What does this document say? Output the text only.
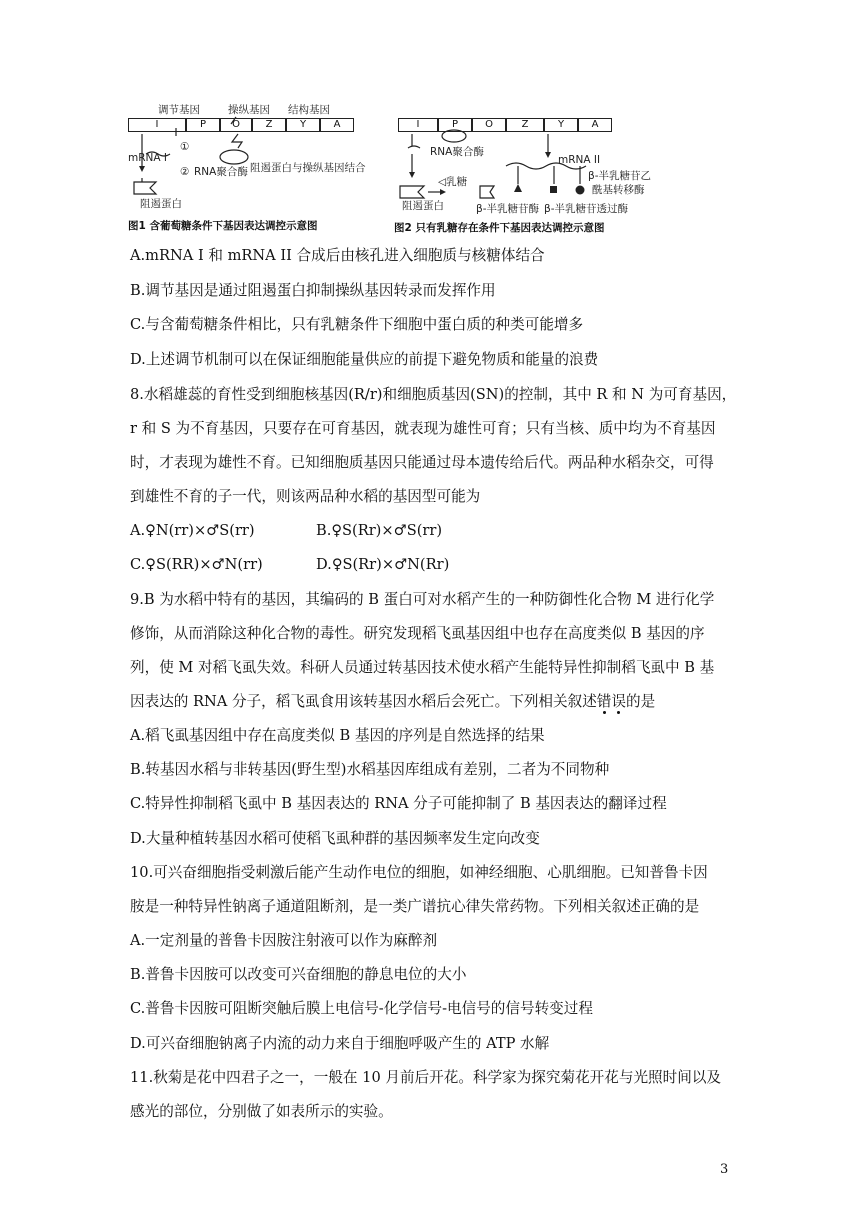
调节基因	操纵基因 结构基因
I	P	O	Z	Y	A
mRNA I
①
② RNA聚合酶 阻遏蛋白与操纵基因结合
阻遏蛋白
图1 含葡萄糖条件下基因表达调控示意图
I	P	O	Z	Y	A
RNA聚合酶
mRNA II
◁乳糖	β-半乳糖苷乙
酰基转移酶
阻遏蛋白	β-半乳糖苷酶 β-半乳糖苷透过酶
图2 只有乳糖存在条件下基因表达调控示意图
A.mRNA I 和 mRNA II 合成后由核孔进入细胞质与核糖体结合
B.调节基因是通过阻遏蛋白抑制操纵基因转录而发挥作用
C.与含葡萄糖条件相比，只有乳糖条件下细胞中蛋白质的种类可能增多
D.上述调节机制可以在保证细胞能量供应的前提下避免物质和能量的浪费
8.水稻雄蕊的育性受到细胞核基因(R/r)和细胞质基因(SN)的控制，其中 R 和 N 为可育基因，
r 和 S 为不育基因，只要存在可育基因，就表现为雄性可育；只有当核、质中均为不育基因
时，才表现为雄性不育。已知细胞质基因只能通过母本遗传给后代。两品种水稻杂交，可得
到雄性不育的子一代，则该两品种水稻的基因型可能为
A.♀N(rr)×♂S(rr)	B.♀S(Rr)×♂S(rr)
C.♀S(RR)×♂N(rr)	D.♀S(Rr)×♂N(Rr)
9.B 为水稻中特有的基因，其编码的 B 蛋白可对水稻产生的一种防御性化合物 M 进行化学
修饰，从而消除这种化合物的毒性。研究发现稻飞虱基因组中也存在高度类似 B 基因的序
列，使 M 对稻飞虱失效。科研人员通过转基因技术使水稻产生能特异性抑制稻飞虱中 B 基
因表达的 RNA 分子，稻飞虱食用该转基因水稻后会死亡。下列相关叙述错误的是
A.稻飞虱基因组中存在高度类似 B 基因的序列是自然选择的结果
B.转基因水稻与非转基因(野生型)水稻基因库组成有差别，二者为不同物种
C.特异性抑制稻飞虱中 B 基因表达的 RNA 分子可能抑制了 B 基因表达的翻译过程
D.大量种植转基因水稻可使稻飞虱种群的基因频率发生定向改变
10.可兴奋细胞指受刺激后能产生动作电位的细胞，如神经细胞、心肌细胞。已知普鲁卡因
胺是一种特异性钠离子通道阻断剂，是一类广谱抗心律失常药物。下列相关叙述正确的是
A.一定剂量的普鲁卡因胺注射液可以作为麻醉剂
B.普鲁卡因胺可以改变可兴奋细胞的静息电位的大小
C.普鲁卡因胺可阻断突触后膜上电信号-化学信号-电信号的信号转变过程
D.可兴奋细胞钠离子内流的动力来自于细胞呼吸产生的 ATP 水解
11.秋菊是花中四君子之一，一般在 10 月前后开花。科学家为探究菊花开花与光照时间以及
感光的部位，分别做了如表所示的实验。
3
